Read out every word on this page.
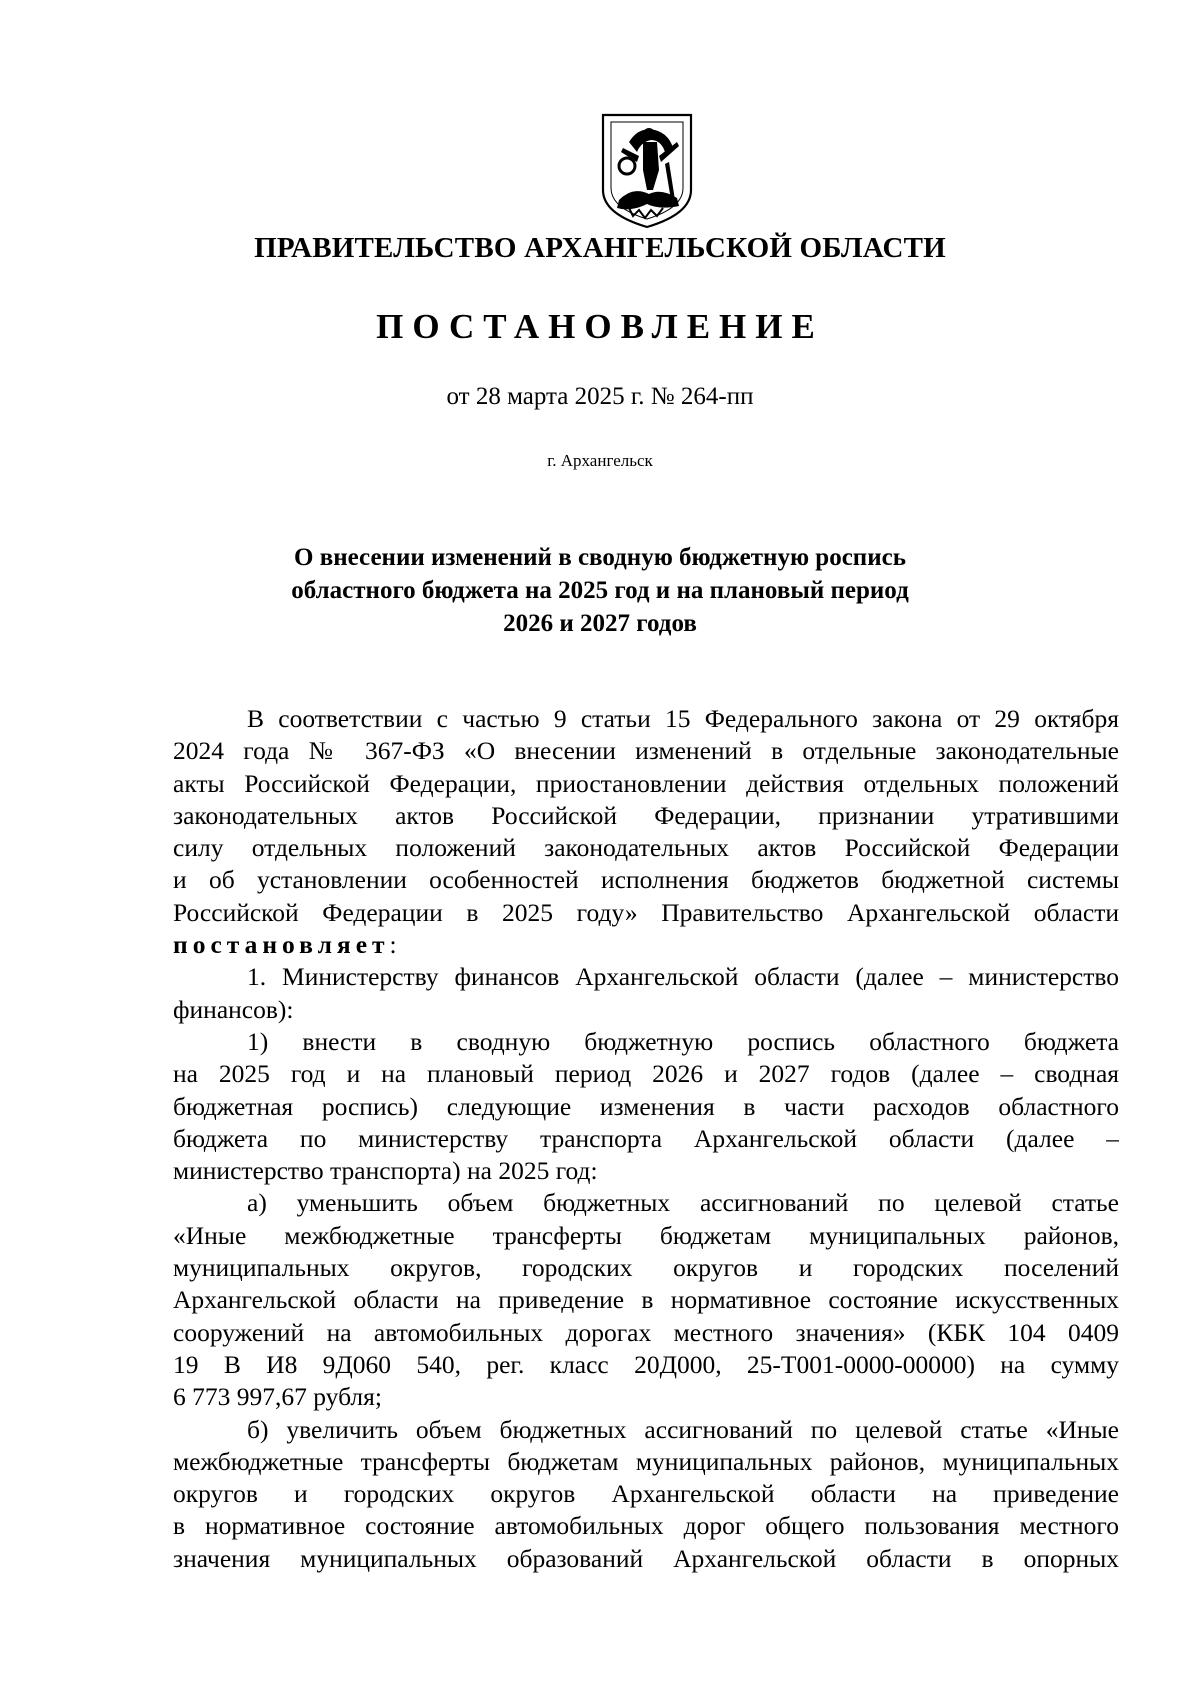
ПРАВИТЕЛЬСТВО АРХАНГЕЛЬСКОЙ ОБЛАСТИ
ПОСТАНОВЛЕНИЕ
от 28 марта 2025 г. № 264-пп
г. Архангельск
О внесении изменений в сводную бюджетную роспись
областного бюджета на 2025 год и на плановый период
2026 и 2027 годов
В соответствии с частью 9 статьи 15 Федерального закона от 29 октября
2024 года № 367-ФЗ «О внесении изменений в отдельные законодательные
акты Российской Федерации, приостановлении действия отдельных положений
законодательных актов Российской Федерации, признании утратившими
силу отдельных положений законодательных актов Российской Федерации
и об установлении особенностей исполнения бюджетов бюджетной системы
Российской Федерации в 2025 году» Правительство Архангельской области
постановляет:
1. Министерству финансов Архангельской области (далее – министерство
финансов):
1) внести в сводную бюджетную роспись областного бюджета
на 2025 год и на плановый период 2026 и 2027 годов (далее – сводная
бюджетная роспись) следующие изменения в части расходов областного
бюджета по министерству транспорта Архангельской области (далее –
министерство транспорта) на 2025 год:
а) уменьшить объем бюджетных ассигнований по целевой статье
«Иные межбюджетные трансферты бюджетам муниципальных районов,
муниципальных округов, городских округов и городских поселений
Архангельской области на приведение в нормативное состояние искусственных
сооружений на автомобильных дорогах местного значения» (КБК 104 0409
19 В И8 9Д060 540, рег. класс 20Д000, 25-Т001-0000-00000) на сумму
6 773 997,67 рубля;
б) увеличить объем бюджетных ассигнований по целевой статье «Иные
межбюджетные трансферты бюджетам муниципальных районов, муниципальных
округов и городских округов Архангельской области на приведение
в нормативное состояние автомобильных дорог общего пользования местного
значения муниципальных образований Архангельской области в опорных
